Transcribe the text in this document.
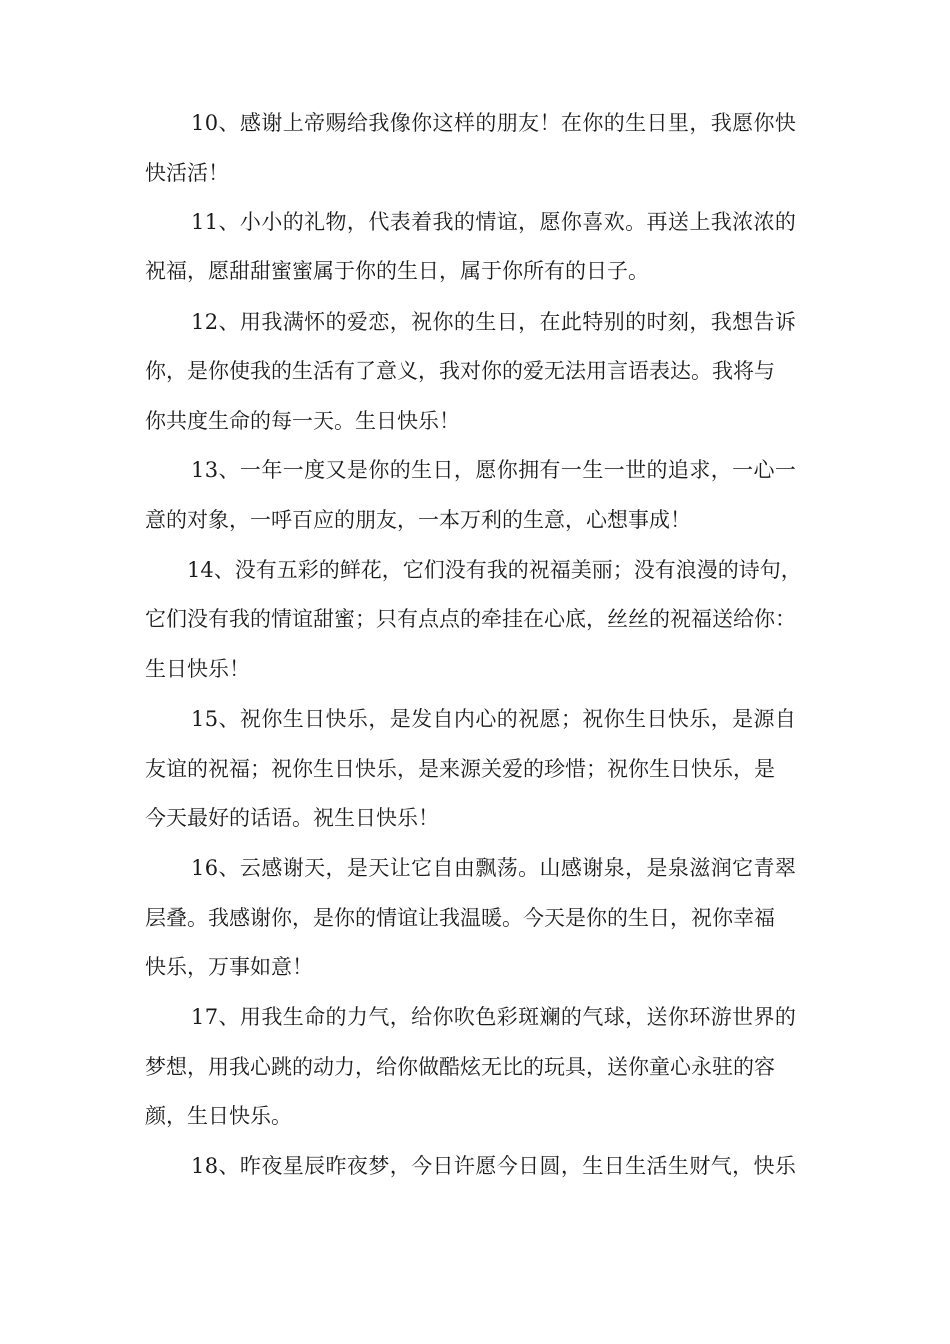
10、感谢上帝赐给我像你这样的朋友！在你的生日里，我愿你快

快活活！

11、小小的礼物，代表着我的情谊，愿你喜欢。再送上我浓浓的

祝福，愿甜甜蜜蜜属于你的生日，属于你所有的日子。

12、用我满怀的爱恋，祝你的生日，在此特别的时刻，我想告诉

你，是你使我的生活有了意义，我对你的爱无法用言语表达。我将与

你共度生命的每一天。生日快乐！

13、一年一度又是你的生日，愿你拥有一生一世的追求，一心一

意的对象，一呼百应的朋友，一本万利的生意，心想事成！

14、没有五彩的鲜花，它们没有我的祝福美丽；没有浪漫的诗句，

它们没有我的情谊甜蜜；只有点点的牵挂在心底，丝丝的祝福送给你：

生日快乐！

15、祝你生日快乐，是发自内心的祝愿；祝你生日快乐，是源自

友谊的祝福；祝你生日快乐，是来源关爱的珍惜；祝你生日快乐，是

今天最好的话语。祝生日快乐！

16、云感谢天，是天让它自由飘荡。山感谢泉，是泉滋润它青翠

层叠。我感谢你，是你的情谊让我温暖。今天是你的生日，祝你幸福

快乐，万事如意！

17、用我生命的力气，给你吹色彩斑斓的气球，送你环游世界的

梦想，用我心跳的动力，给你做酷炫无比的玩具，送你童心永驻的容

颜，生日快乐。

18、昨夜星辰昨夜梦，今日许愿今日圆，生日生活生财气，快乐
